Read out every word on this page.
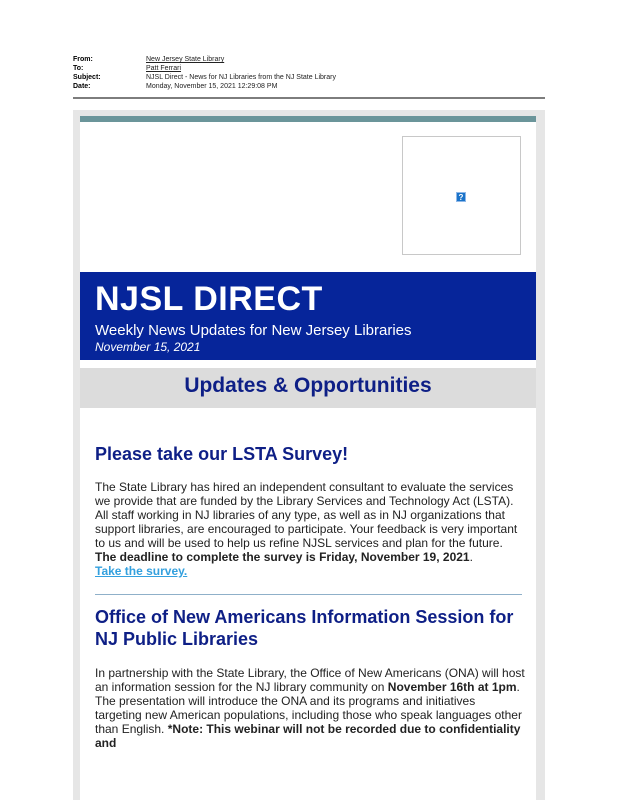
From:	New Jersey State Library
To:	Patt Ferrari
Subject:	NJSL Direct - News for NJ Libraries from the NJ State Library
Date:	Monday, November 15, 2021 12:29:08 PM
?
NJSL DIRECT
Weekly News Updates for New Jersey Libraries
November 15, 2021
Updates & Opportunities
Please take our LSTA Survey!
The State Library has hired an independent consultant to evaluate the services we provide that are funded by the Library Services and Technology Act (LSTA). All staff working in NJ libraries of any type, as well as in NJ organizations that support libraries, are encouraged to participate. Your feedback is very important to us and will be used to help us refine NJSL services and plan for the future. The deadline to complete the survey is Friday, November 19, 2021.
Take the survey.
Office of New Americans Information Session for NJ Public Libraries
In partnership with the State Library, the Office of New Americans (ONA) will host an information session for the NJ library community on November 16th at 1pm. The presentation will introduce the ONA and its programs and initiatives targeting new American populations, including those who speak languages other than English. *Note: This webinar will not be recorded due to confidentiality and
